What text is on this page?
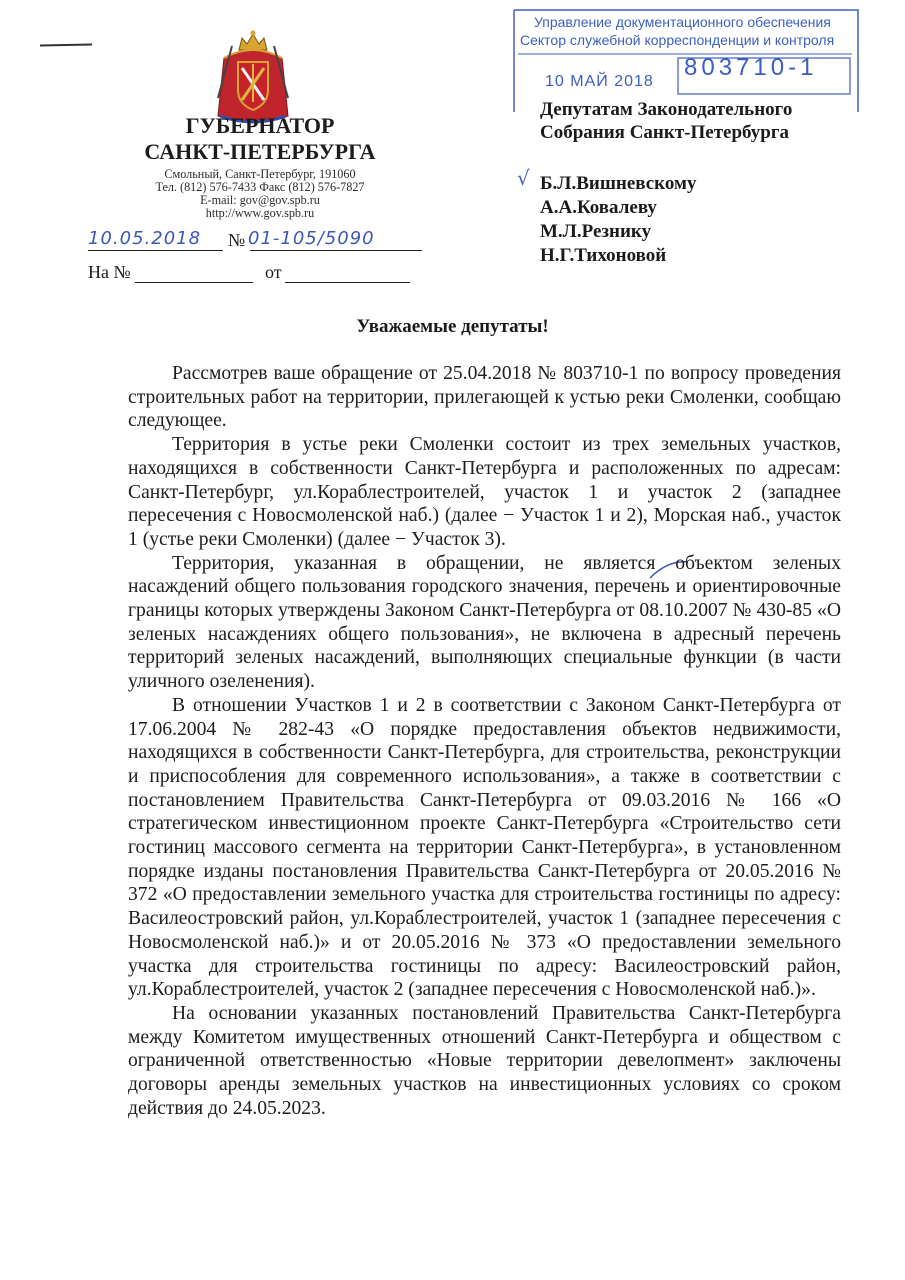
ГУБЕРНАТОР
САНКТ-ПЕТЕРБУРГА
Смольный, Санкт-Петербург, 191060
Тел. (812) 576-7433 Факс (812) 576-7827
E-mail: gov@gov.spb.ru
http://www.gov.spb.ru
10.05.2018 № 01-105/5090
На №	от
Управление документационного обеспечения
Сектор служебной корреспонденции и контроля
10 МАЙ 2018
803710-1
Депутатам Законодательного
Собрания Санкт-Петербурга
√ Б.Л.Вишневскому
А.А.Ковалеву
М.Л.Резнику
Н.Г.Тихоновой
Уважаемые депутаты!

Рассмотрев ваше обращение от 25.04.2018 № 803710-1 по вопросу проведения строительных работ на территории, прилегающей к устью реки Смоленки, сообщаю следующее.

Территория в устье реки Смоленки состоит из трех земельных участков, находящихся в собственности Санкт-Петербурга и расположенных по адресам: Санкт-Петербург, ул.Кораблестроителей, участок 1 и участок 2 (западнее пересечения с Новосмоленской наб.) (далее − Участок 1 и 2), Морская наб., участок 1 (устье реки Смоленки) (далее − Участок 3).

Территория, указанная в обращении, не является объектом зеленых насаждений общего пользования городского значения, перечень и ориентировочные границы которых утверждены Законом Санкт-Петербурга от 08.10.2007 № 430-85 «О зеленых насаждениях общего пользования», не включена в адресный перечень территорий зеленых насаждений, выполняющих специальные функции (в части уличного озеленения).

В отношении Участков 1 и 2 в соответствии с Законом Санкт-Петербурга от 17.06.2004 № 282-43 «О порядке предоставления объектов недвижимости, находящихся в собственности Санкт-Петербурга, для строительства, реконструкции и приспособления для современного использования», а также в соответствии с постановлением Правительства Санкт-Петербурга от 09.03.2016 № 166 «О стратегическом инвестиционном проекте Санкт-Петербурга «Строительство сети гостиниц массового сегмента на территории Санкт-Петербурга», в установленном порядке изданы постановления Правительства Санкт-Петербурга от 20.05.2016 № 372 «О предоставлении земельного участка для строительства гостиницы по адресу: Василеостровский район, ул.Кораблестроителей, участок 1 (западнее пересечения с Новосмоленской наб.)» и от 20.05.2016 № 373 «О предоставлении земельного участка для строительства гостиницы по адресу: Василеостровский район, ул.Кораблестроителей, участок 2 (западнее пересечения с Новосмоленской наб.)».

На основании указанных постановлений Правительства Санкт-Петербурга между Комитетом имущественных отношений Санкт-Петербурга и обществом с ограниченной ответственностью «Новые территории девелопмент» заключены договоры аренды земельных участков на инвестиционных условиях со сроком действия до 24.05.2023.
